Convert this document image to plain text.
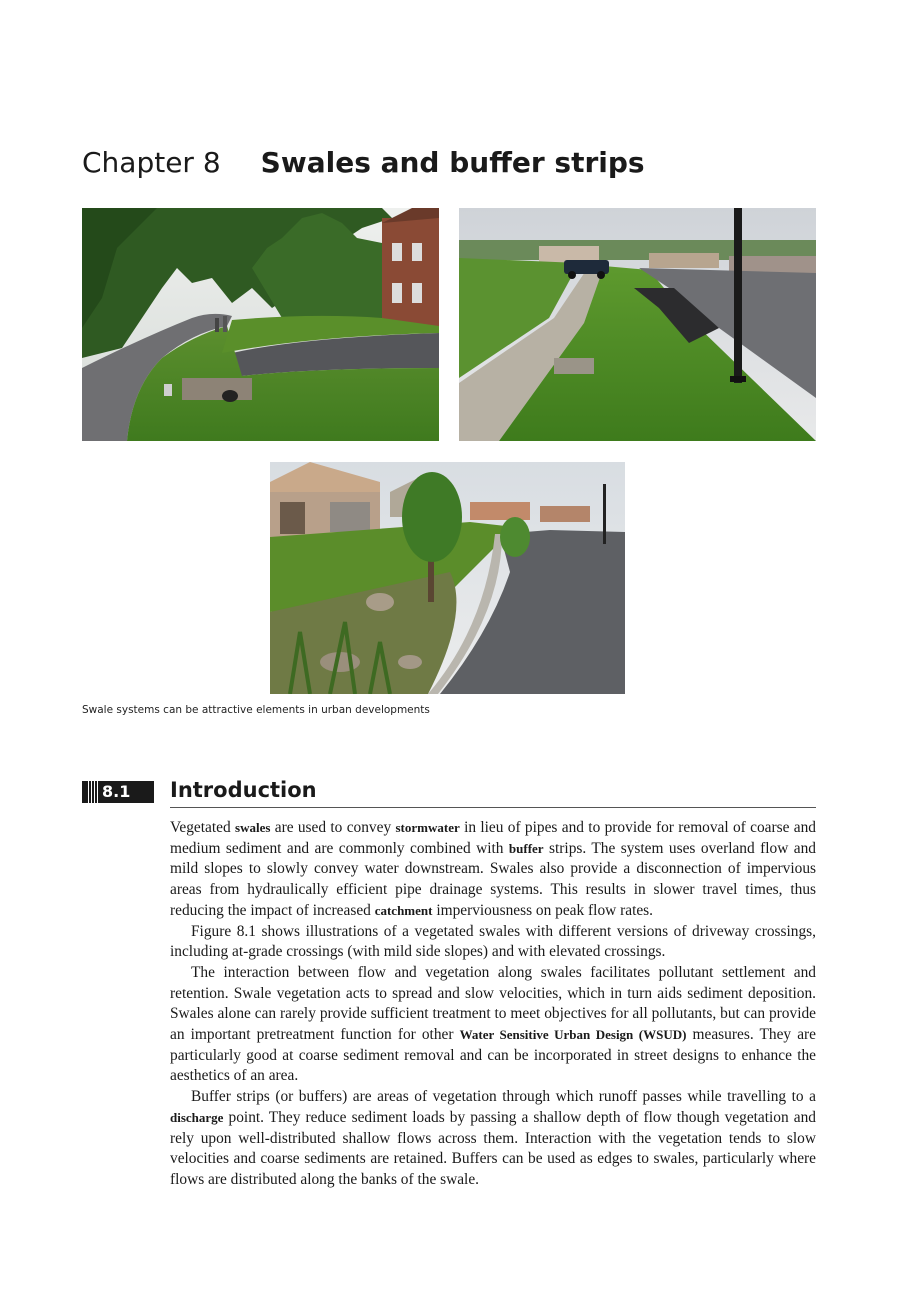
Chapter 8 Swales and buffer strips
Swale systems can be attractive elements in urban developments
8.1 Introduction

Vegetated swales are used to convey stormwater in lieu of pipes and to provide for removal of coarse and medium sediment and are commonly combined with buffer strips. The system uses overland flow and mild slopes to slowly convey water downstream. Swales also provide a disconnection of impervious areas from hydraulically efficient pipe drainage systems. This results in slower travel times, thus reducing the impact of increased catchment imperviousness on peak flow rates.

Figure 8.1 shows illustrations of a vegetated swales with different versions of driveway crossings, including at-grade crossings (with mild side slopes) and with elevated crossings.

The interaction between flow and vegetation along swales facilitates pollutant settlement and retention. Swale vegetation acts to spread and slow velocities, which in turn aids sediment deposition. Swales alone can rarely provide sufficient treatment to meet objectives for all pollutants, but can provide an important pretreatment function for other Water Sensitive Urban Design (WSUD) measures. They are particularly good at coarse sediment removal and can be incorporated in street designs to enhance the aesthetics of an area.

Buffer strips (or buffers) are areas of vegetation through which runoff passes while travelling to a discharge point. They reduce sediment loads by passing a shallow depth of flow though vegetation and rely upon well-distributed shallow flows across them. Interaction with the vegetation tends to slow velocities and coarse sediments are retained. Buffers can be used as edges to swales, particularly where flows are distributed along the banks of the swale.
